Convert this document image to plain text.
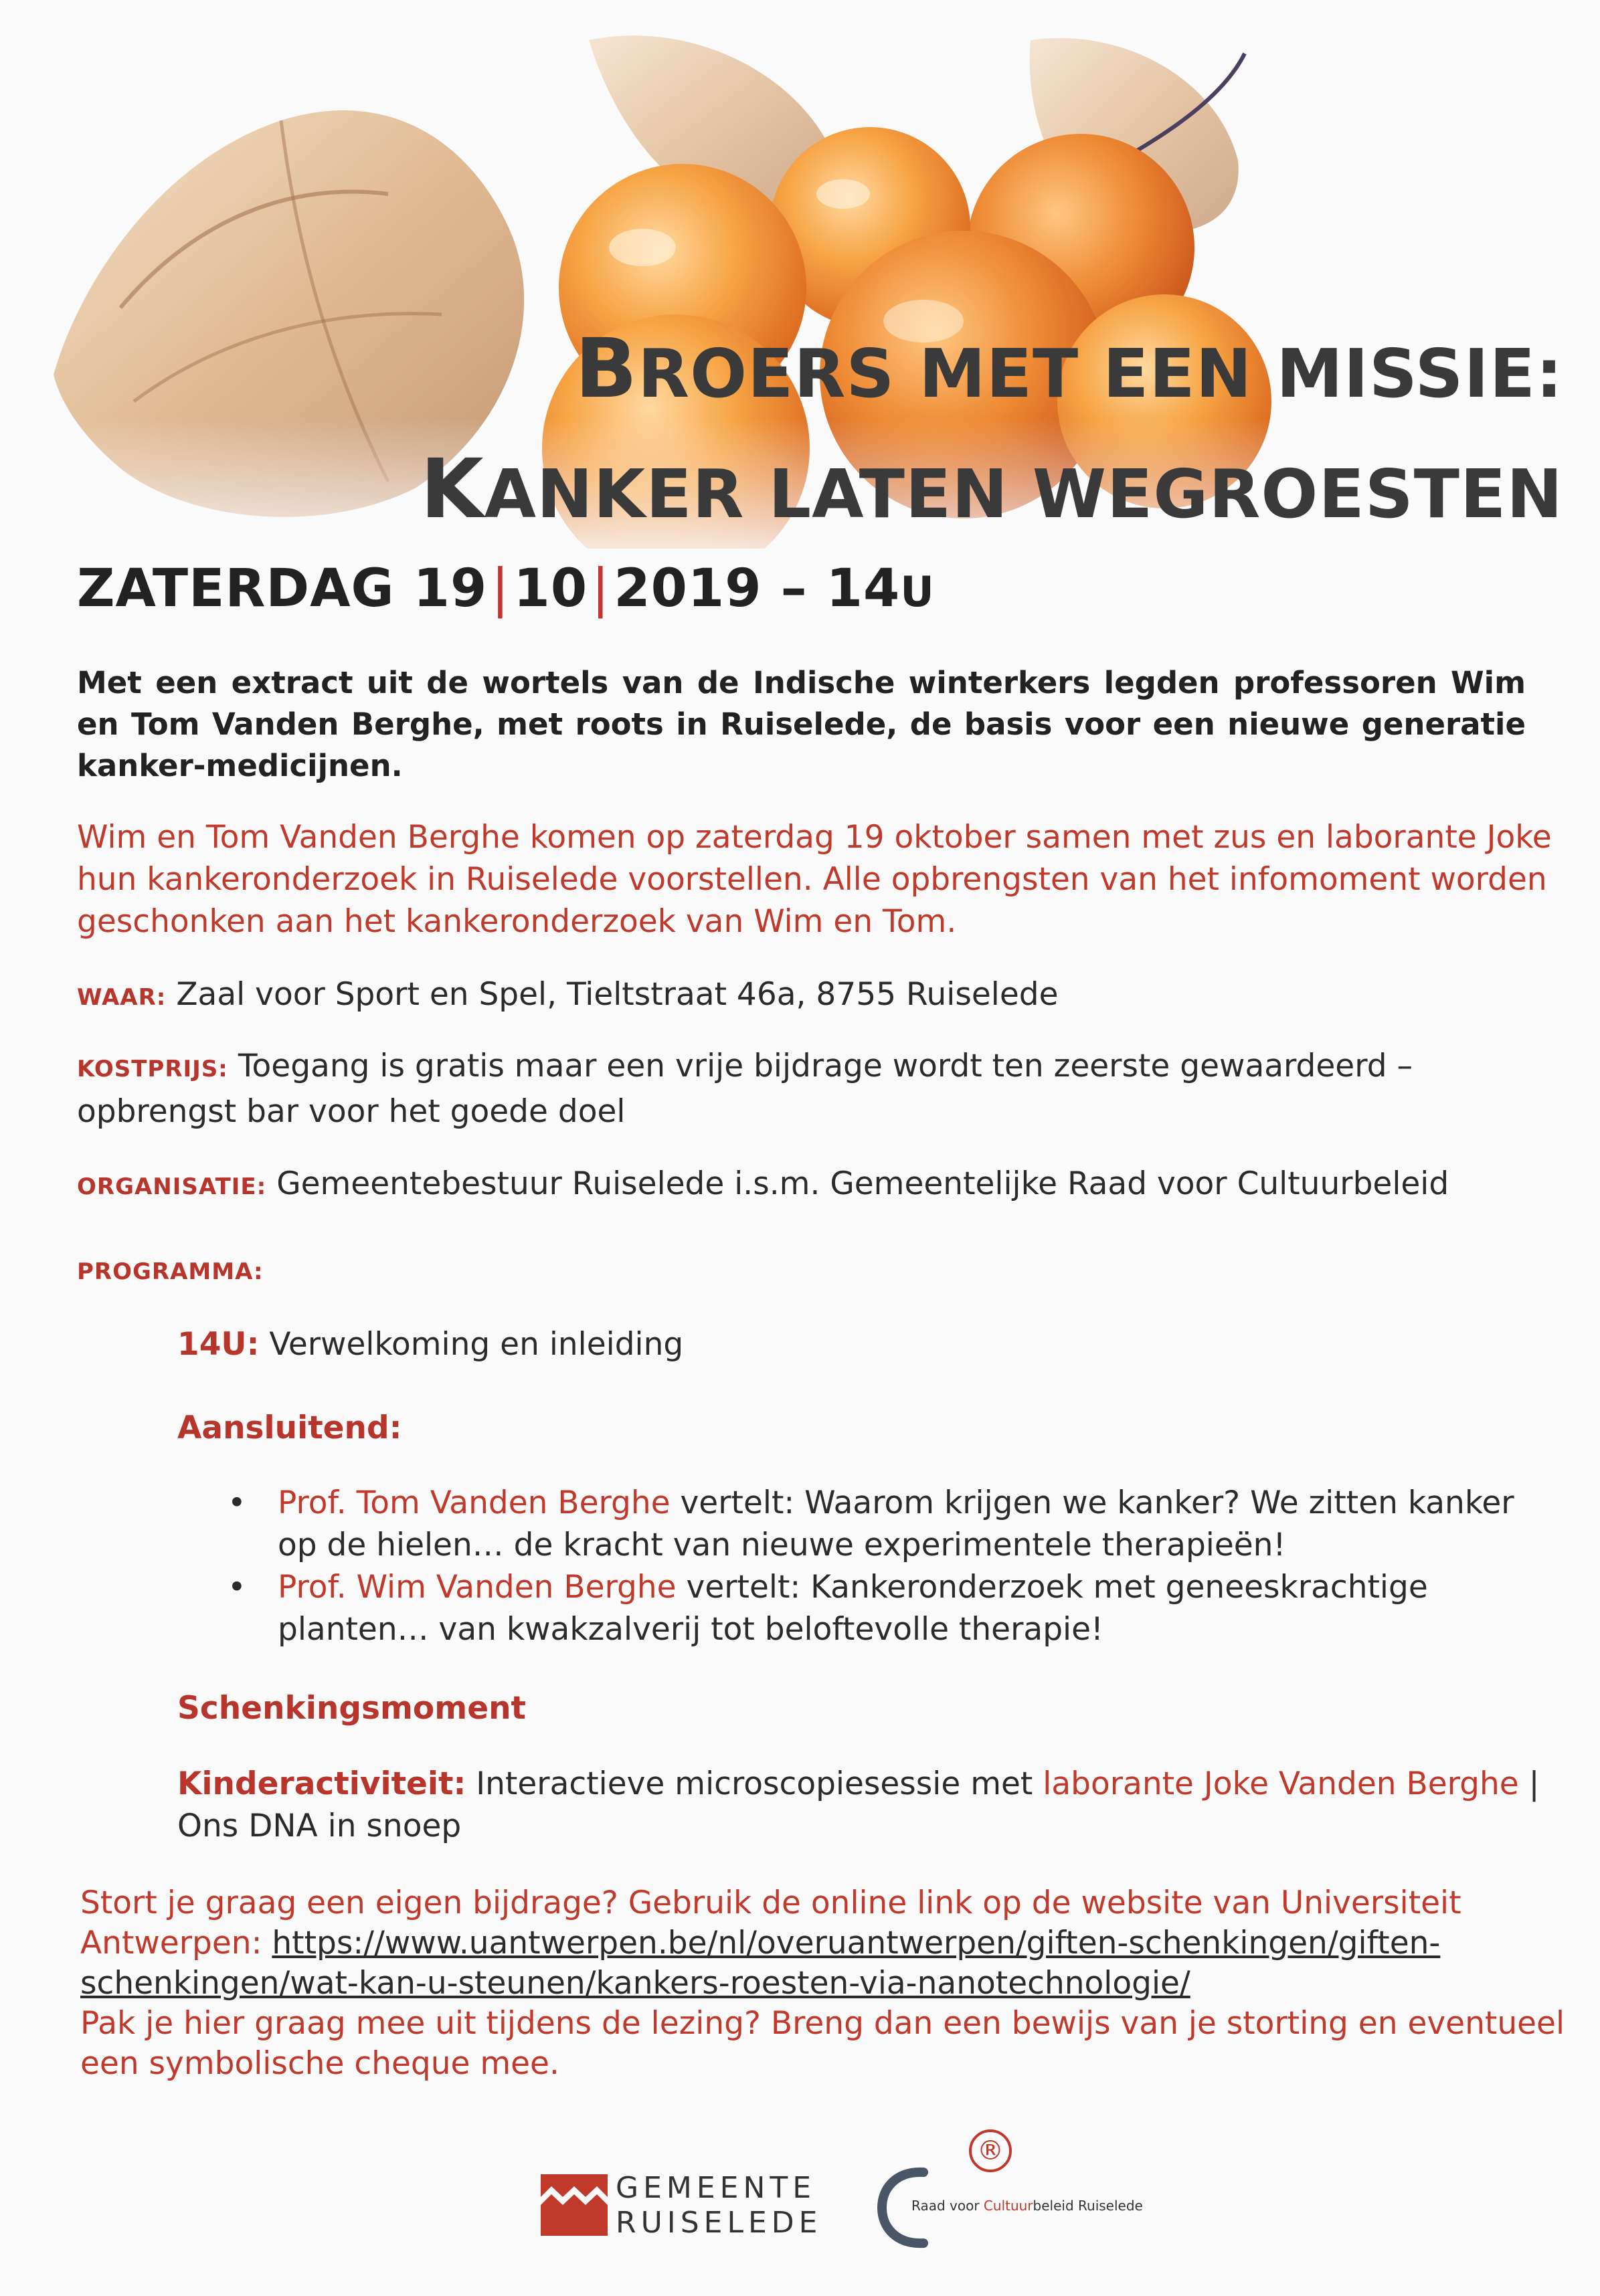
BROERS MET EEN MISSIE:
KANKER LATEN WEGROESTEN
ZATERDAG 19|10|2019 – 14U
Met een extract uit de wortels van de Indische winterkers legden professoren Wim en Tom Vanden Berghe, met roots in Ruiselede, de basis voor een nieuwe generatie kanker-medicijnen.
Wim en Tom Vanden Berghe komen op zaterdag 19 oktober samen met zus en laborante Joke hun kankeronderzoek in Ruiselede voorstellen. Alle opbrengsten van het infomoment worden geschonken aan het kankeronderzoek van Wim en Tom.
WAAR: Zaal voor Sport en Spel, Tieltstraat 46a, 8755 Ruiselede
KOSTPRIJS: Toegang is gratis maar een vrije bijdrage wordt ten zeerste gewaardeerd – opbrengst bar voor het goede doel
ORGANISATIE: Gemeentebestuur Ruiselede i.s.m. Gemeentelijke Raad voor Cultuurbeleid
PROGRAMMA:
14U: Verwelkoming en inleiding
Aansluitend:
• Prof. Tom Vanden Berghe vertelt: Waarom krijgen we kanker? We zitten kanker op de hielen… de kracht van nieuwe experimentele therapieën!
• Prof. Wim Vanden Berghe vertelt: Kankeronderzoek met geneeskrachtige planten… van kwakzalverij tot beloftevolle therapie!
Schenkingsmoment
Kinderactiviteit: Interactieve microscopiesessie met laborante Joke Vanden Berghe | Ons DNA in snoep
Stort je graag een eigen bijdrage? Gebruik de online link op de website van Universiteit Antwerpen: https://www.uantwerpen.be/nl/overuantwerpen/giften-schenkingen/giften-schenkingen/wat-kan-u-steunen/kankers-roesten-via-nanotechnologie/
Pak je hier graag mee uit tijdens de lezing? Breng dan een bewijs van je storting en eventueel een symbolische cheque mee.
GEMEENTE
RUISELEDE
®
Raad voor Cultuurbeleid Ruiselede
